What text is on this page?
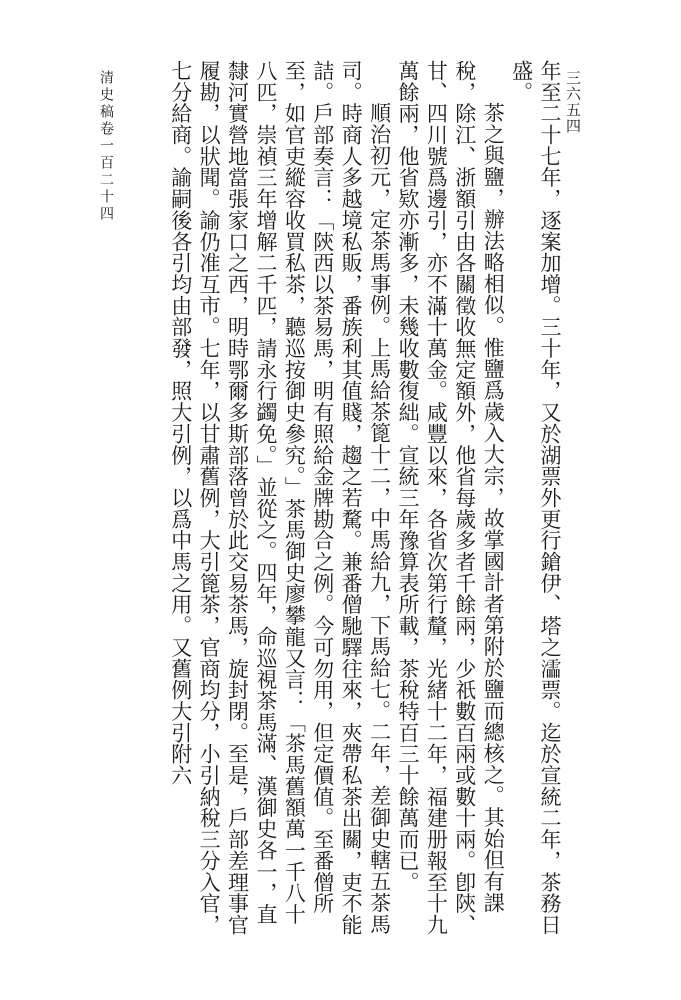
三六五四

年至二十七年，逐案加增。三十年，又於湖票外更行鎗伊、塔之𤃩票。迄於宣統二年，茶務日盛。

茶之與鹽，辦法略相似。惟鹽爲歲入大宗，故掌國計者第附於鹽而總核之。其始但有課稅，除江、浙額引由各關徵收無定額外，他省每歲多者千餘兩，少祇數百兩或數十兩。卽陝、甘、四川號爲邊引，亦不滿十萬金。咸豐以來，各省次第行釐，光緒十二年，福建册報至十九萬餘兩，他省欵亦漸多，未幾收數復絀。宣統三年豫算表所載，茶稅特百三十餘萬而已。

順治初元，定茶馬事例。上馬給茶篦十二，中馬給九，下馬給七。二年，差御史轄五茶馬司。時商人多越境私販，番族利其值賤，趨之若騖。兼番僧馳驛往來，夾帶私茶出關，吏不能詰。戶部奏言：「陝西以茶易馬，明有照給金牌勘合之例。今可勿用，但定價值。至番僧所至，如官吏縱容收買私茶，聽巡按御史參究。」茶馬御史廖攀龍又言：「茶馬舊額萬一千八十八匹，崇禎三年增解二千匹，請永行蠲免。」並從之。四年，命巡視茶馬滿、漢御史各一，直隸河實營地當張家口之西，明時鄂爾多斯部落曾於此交易茶馬，旋封閉。至是，戶部差理事官履勘，以狀聞。諭仍准互市。七年，以甘肅舊例，大引篦茶，官商均分，小引納稅三分入官，七分給商。諭嗣後各引均由部發，照大引例，以爲中馬之用。又舊例大引附六

清史稿卷一百二十四
